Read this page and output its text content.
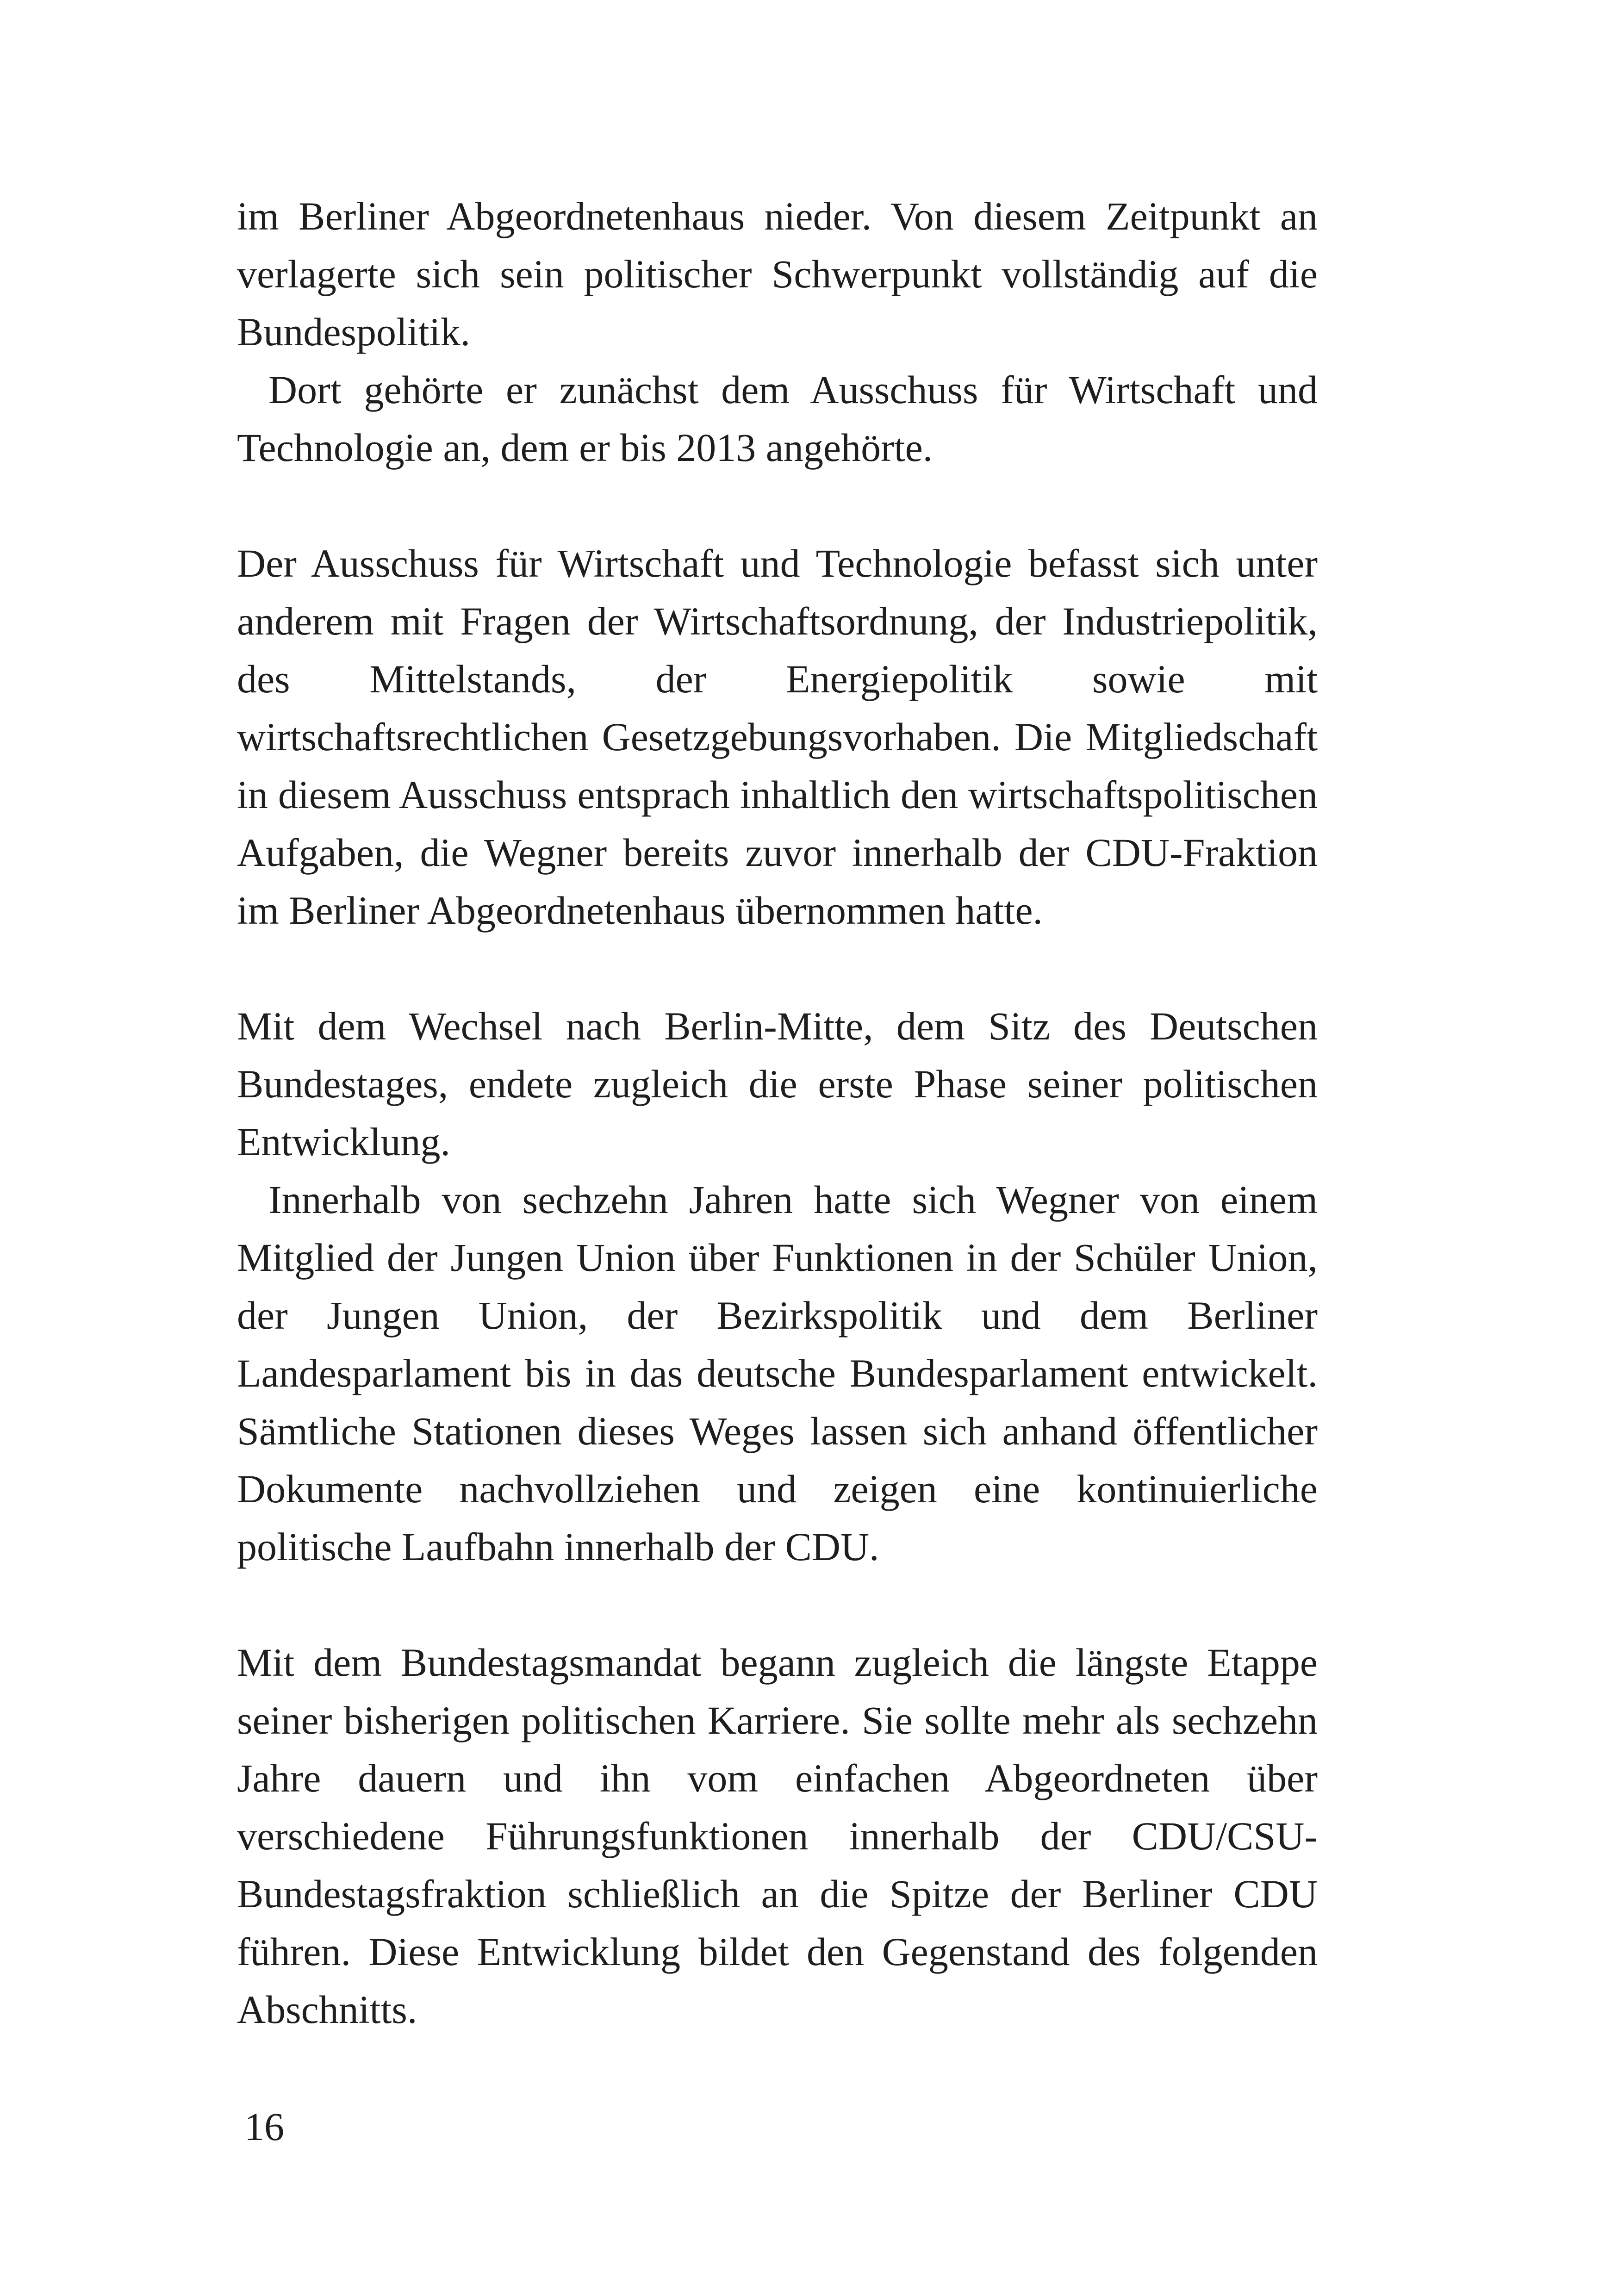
im Berliner Abgeordnetenhaus nieder. Von diesem Zeitpunkt an verlagerte sich sein politischer Schwerpunkt vollständig auf die Bundespolitik.

Dort gehörte er zunächst dem Ausschuss für Wirtschaft und Technologie an, dem er bis 2013 angehörte.

Der Ausschuss für Wirtschaft und Technologie befasst sich unter anderem mit Fragen der Wirtschaftsordnung, der Industriepolitik, des Mittelstands, der Energiepolitik sowie mit wirtschaftsrechtlichen Gesetzgebungsvorhaben. Die Mitgliedschaft in diesem Ausschuss entsprach inhaltlich den wirtschaftspolitischen Aufgaben, die Wegner bereits zuvor innerhalb der CDU-Fraktion im Berliner Abgeordnetenhaus übernommen hatte.

Mit dem Wechsel nach Berlin-Mitte, dem Sitz des Deutschen Bundestages, endete zugleich die erste Phase seiner politischen Entwicklung.

Innerhalb von sechzehn Jahren hatte sich Wegner von einem Mitglied der Jungen Union über Funktionen in der Schüler Union, der Jungen Union, der Bezirkspolitik und dem Berliner Landesparlament bis in das deutsche Bundesparlament entwickelt. Sämtliche Stationen dieses Weges lassen sich anhand öffentlicher Dokumente nachvollziehen und zeigen eine kontinuierliche politische Laufbahn innerhalb der CDU.

Mit dem Bundestagsmandat begann zugleich die längste Etappe seiner bisherigen politischen Karriere. Sie sollte mehr als sechzehn Jahre dauern und ihn vom einfachen Abgeordneten über verschiedene Führungsfunktionen innerhalb der CDU/​CSU-Bundestagsfraktion schließlich an die Spitze der Berliner CDU führen. Diese Entwicklung bildet den Gegenstand des folgenden Abschnitts.

16
